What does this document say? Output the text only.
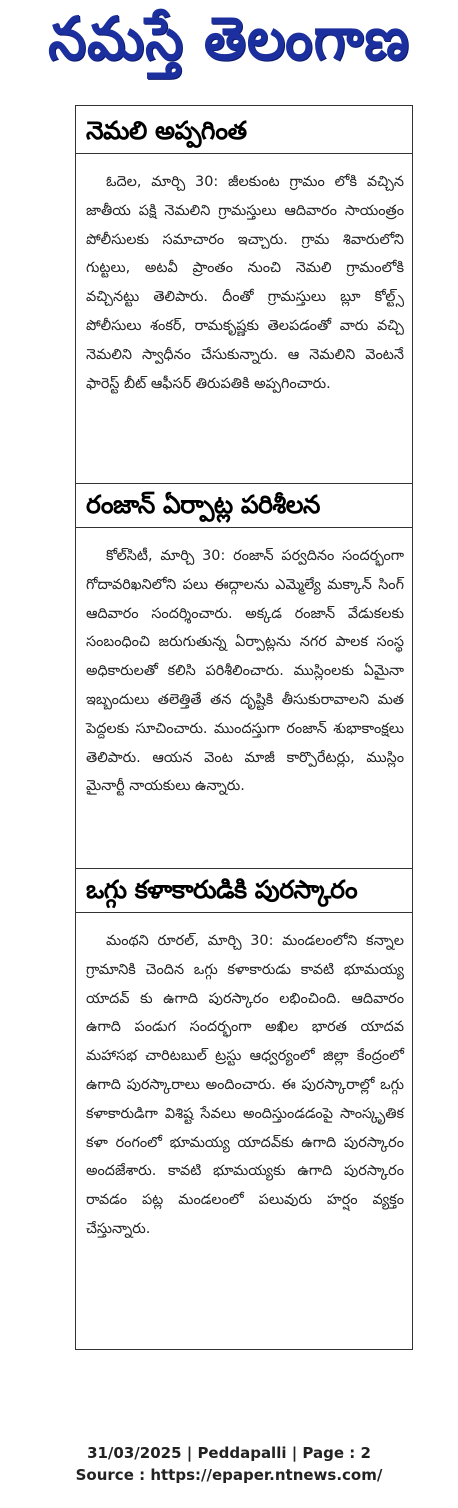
నమస్తే తెలంగాణ
నెమలి అప్పగింత

ఓదెల, మార్చి 30: జీలకుంట గ్రామం లోకి వచ్చిన జాతీయ పక్షి నెమలిని గ్రామస్తులు ఆదివారం సాయంత్రం పోలీసులకు సమాచారం ఇచ్చారు. గ్రామ శివారులోని గుట్టలు, అటవీ ప్రాంతం నుంచి నెమలి గ్రామంలోకి వచ్చినట్టు తెలిపారు. దీంతో గ్రామస్తులు బ్లూ కోల్ట్స్ పోలీసులు శంకర్, రామకృష్ణకు తెలపడంతో వారు వచ్చి నెమలిని స్వాధీనం చేసుకున్నారు. ఆ నెమలిని వెంటనే ఫారెస్ట్ బీట్ ఆఫీసర్ తిరుపతికి అప్పగించారు.

రంజాన్ ఏర్పాట్ల పరిశీలన

కోల్‌సిటీ, మార్చి 30: రంజాన్ పర్వదినం సందర్భంగా గోదావరిఖనిలోని పలు ఈద్గాలను ఎమ్మెల్యే మక్కాన్ సింగ్ ఆదివారం సందర్శించారు. అక్కడ రంజాన్ వేడుకలకు సంబంధించి జరుగుతున్న ఏర్పాట్లను నగర పాలక సంస్థ అధికారులతో కలిసి పరిశీలించారు. ముస్లింలకు ఏమైనా ఇబ్బందులు తలెత్తితే తన దృష్టికి తీసుకురావాలని మత పెద్దలకు సూచించారు. ముందస్తుగా రంజాన్ శుభాకాంక్షలు తెలిపారు. ఆయన వెంట మాజీ కార్పొరేటర్లు, ముస్లిం మైనార్టీ నాయకులు ఉన్నారు.

ఒగ్గు కళాకారుడికి పురస్కారం

మంథని రూరల్, మార్చి 30: మండలంలోని కన్నాల గ్రామానికి చెందిన ఒగ్గు కళాకారుడు కావటి భూమయ్య యాదవ్ కు ఉగాది పురస్కారం లభించింది. ఆదివారం ఉగాది పండుగ సందర్భంగా అఖిల భారత యాదవ మహాసభ చారిటబుల్ ట్రస్టు ఆధ్వర్యంలో జిల్లా కేంద్రంలో ఉగాది పురస్కారాలు అందించారు. ఈ పురస్కారాల్లో ఒగ్గు కళాకారుడిగా విశిష్ట సేవలు అందిస్తుండడంపై సాంస్కృతిక కళా రంగంలో భూమయ్య యాదవ్‌కు ఉగాది పురస్కారం అందజేశారు. కావటి భూమయ్యకు ఉగాది పురస్కారం రావడం పట్ల మండలంలో పలువురు హర్షం వ్యక్తం చేస్తున్నారు.

31/03/2025 | Peddapalli | Page : 2
Source : https://epaper.ntnews.com/
